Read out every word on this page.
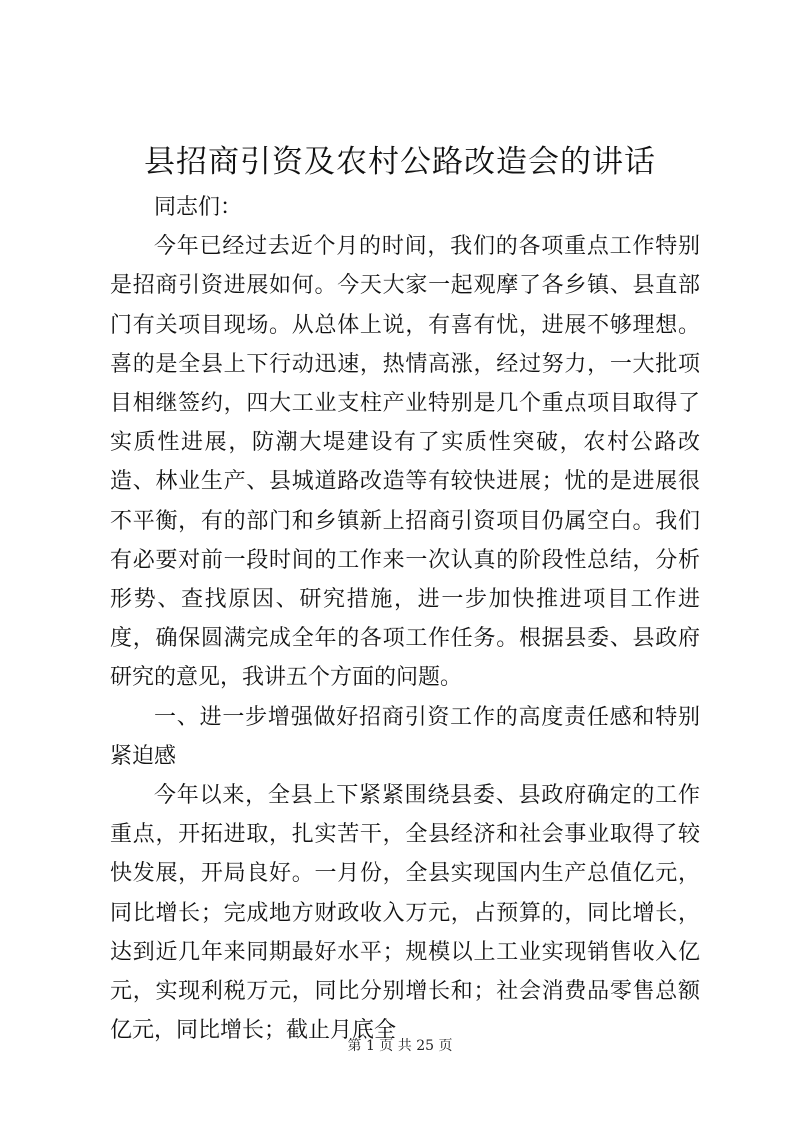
县招商引资及农村公路改造会的讲话

同志们：

今年已经过去近个月的时间，我们的各项重点工作特别是招商引资进展如何。今天大家一起观摩了各乡镇、县直部门有关项目现场。从总体上说，有喜有忧，进展不够理想。喜的是全县上下行动迅速，热情高涨，经过努力，一大批项目相继签约，四大工业支柱产业特别是几个重点项目取得了实质性进展，防潮大堤建设有了实质性突破，农村公路改造、林业生产、县城道路改造等有较快进展；忧的是进展很不平衡，有的部门和乡镇新上招商引资项目仍属空白。我们有必要对前一段时间的工作来一次认真的阶段性总结，分析形势、查找原因、研究措施，进一步加快推进项目工作进度，确保圆满完成全年的各项工作任务。根据县委、县政府研究的意见，我讲五个方面的问题。

一、进一步增强做好招商引资工作的高度责任感和特别紧迫感

今年以来，全县上下紧紧围绕县委、县政府确定的工作重点，开拓进取，扎实苦干，全县经济和社会事业取得了较快发展，开局良好。一月份，全县实现国内生产总值亿元，同比增长；完成地方财政收入万元，占预算的，同比增长，达到近几年来同期最好水平；规模以上工业实现销售收入亿元，实现利税万元，同比分别增长和；社会消费品零售总额亿元，同比增长；截止月底全

第 1 页 共 25 页
